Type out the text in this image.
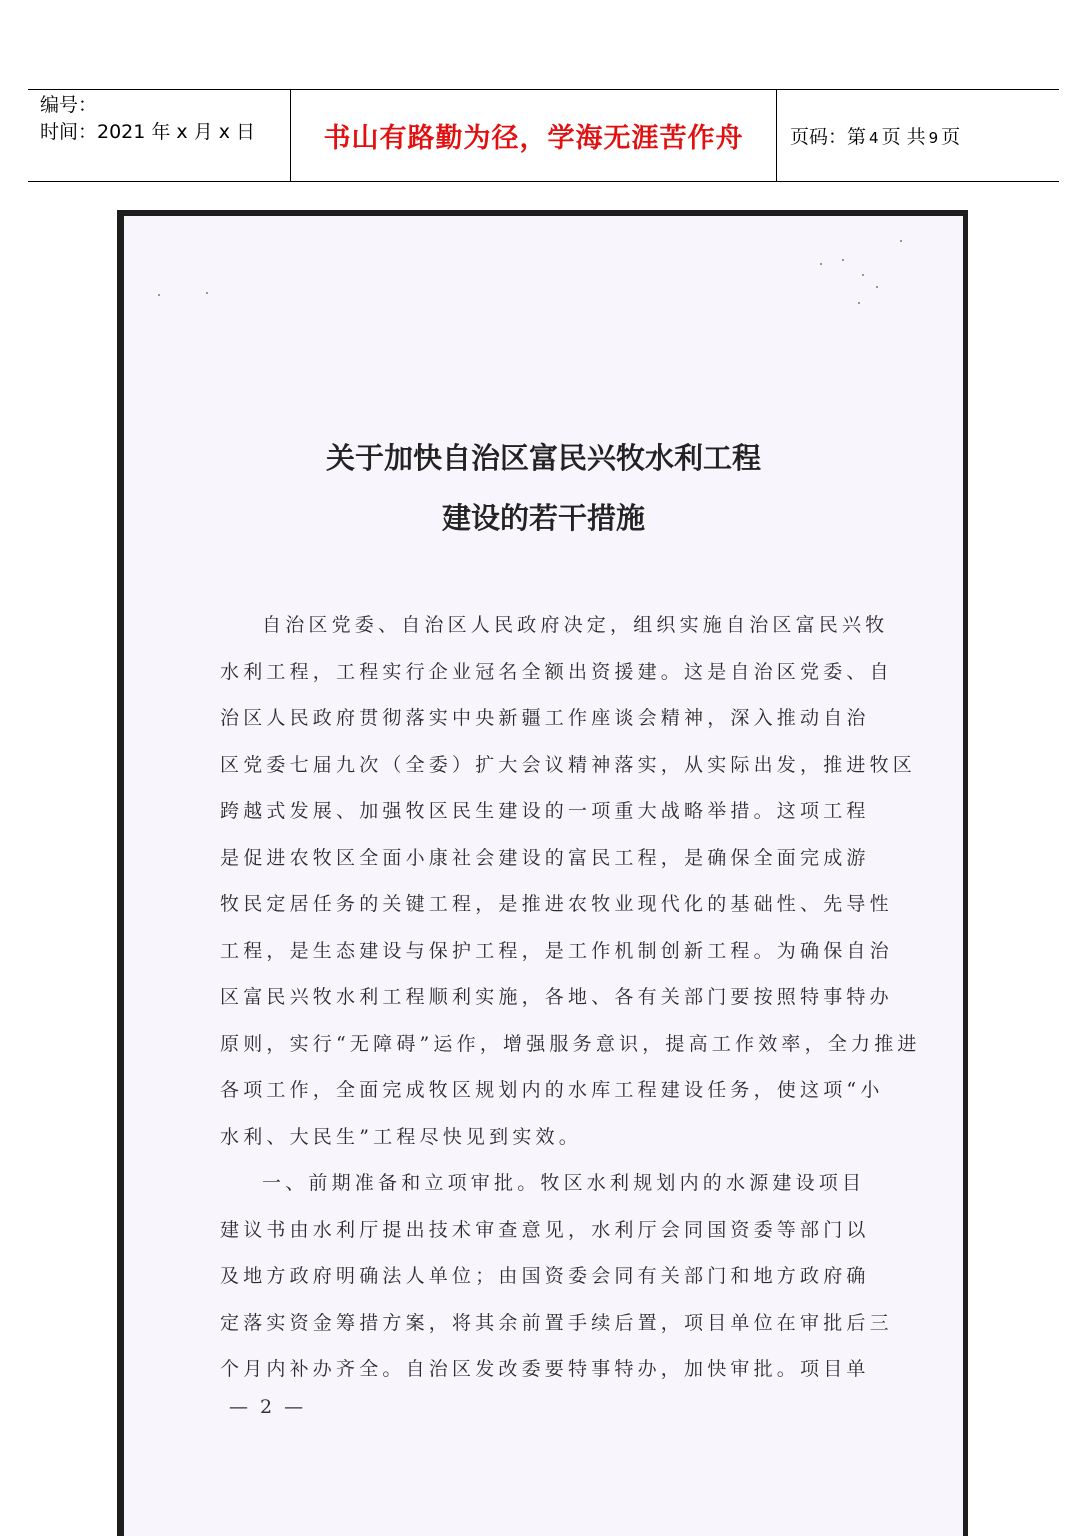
编号：
时间：2021 年 x 月 x 日	书山有路勤为径，学海无涯苦作舟 页码：第 4 页 共 9 页
关于加快自治区富民兴牧水利工程
建设的若干措施
自治区党委、自治区人民政府决定，组织实施自治区富民兴牧
水利工程，工程实行企业冠名全额出资援建。这是自治区党委、自
治区人民政府贯彻落实中央新疆工作座谈会精神，深入推动自治
区党委七届九次（全委）扩大会议精神落实，从实际出发，推进牧区
跨越式发展、加强牧区民生建设的一项重大战略举措。这项工程
是促进农牧区全面小康社会建设的富民工程，是确保全面完成游
牧民定居任务的关键工程，是推进农牧业现代化的基础性、先导性
工程，是生态建设与保护工程，是工作机制创新工程。为确保自治
区富民兴牧水利工程顺利实施，各地、各有关部门要按照特事特办
原则，实行“无障碍”运作，增强服务意识，提高工作效率，全力推进
各项工作，全面完成牧区规划内的水库工程建设任务，使这项“小
水利、大民生”工程尽快见到实效。
一、前期准备和立项审批。牧区水利规划内的水源建设项目
建议书由水利厅提出技术审查意见，水利厅会同国资委等部门以
及地方政府明确法人单位；由国资委会同有关部门和地方政府确
定落实资金筹措方案，将其余前置手续后置，项目单位在审批后三
个月内补办齐全。自治区发改委要特事特办，加快审批。项目单
— 2 —
